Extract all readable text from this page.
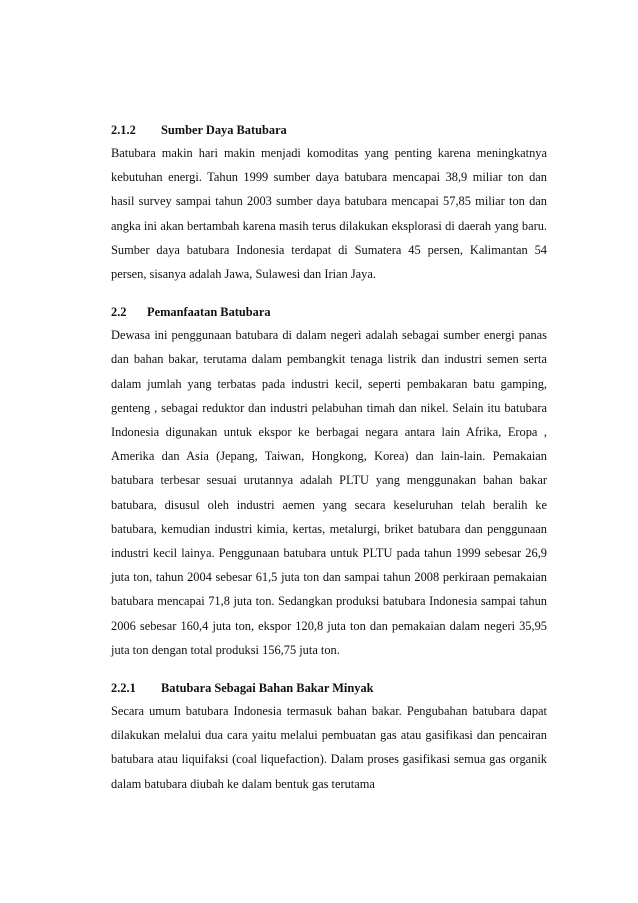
2.1.2 Sumber Daya Batubara

Batubara makin hari makin menjadi komoditas yang penting karena meningkatnya kebutuhan energi. Tahun 1999 sumber daya batubara mencapai 38,9 miliar ton dan hasil survey sampai tahun 2003 sumber daya batubara mencapai 57,85 miliar ton dan angka ini akan bertambah karena masih terus dilakukan eksplorasi di daerah yang baru. Sumber daya batubara Indonesia terdapat di Sumatera 45 persen, Kalimantan 54 persen, sisanya adalah Jawa, Sulawesi dan Irian Jaya.

2.2 Pemanfaatan Batubara

Dewasa ini penggunaan batubara di dalam negeri adalah sebagai sumber energi panas dan bahan bakar, terutama dalam pembangkit tenaga listrik dan industri semen serta dalam jumlah yang terbatas pada industri kecil, seperti pembakaran batu gamping, genteng , sebagai reduktor dan industri pelabuhan timah dan nikel. Selain itu batubara Indonesia digunakan untuk ekspor ke berbagai negara antara lain Afrika, Eropa , Amerika dan Asia (Jepang, Taiwan, Hongkong, Korea) dan lain-lain. Pemakaian batubara terbesar sesuai urutannya adalah PLTU yang menggunakan bahan bakar batubara, disusul oleh industri aemen yang secara keseluruhan telah beralih ke batubara, kemudian industri kimia, kertas, metalurgi, briket batubara dan penggunaan industri kecil lainya. Penggunaan batubara untuk PLTU pada tahun 1999 sebesar 26,9 juta ton, tahun 2004 sebesar 61,5 juta ton dan sampai tahun 2008 perkiraan pemakaian batubara mencapai 71,8 juta ton. Sedangkan produksi batubara Indonesia sampai tahun 2006 sebesar 160,4 juta ton, ekspor 120,8 juta ton dan pemakaian dalam negeri 35,95 juta ton dengan total produksi 156,75 juta ton.

2.2.1 Batubara Sebagai Bahan Bakar Minyak

Secara umum batubara Indonesia termasuk bahan bakar. Pengubahan batubara dapat dilakukan melalui dua cara yaitu melalui pembuatan gas atau gasifikasi dan pencairan batubara atau liquifaksi (coal liquefaction). Dalam proses gasifikasi semua gas organik dalam batubara diubah ke dalam bentuk gas terutama
